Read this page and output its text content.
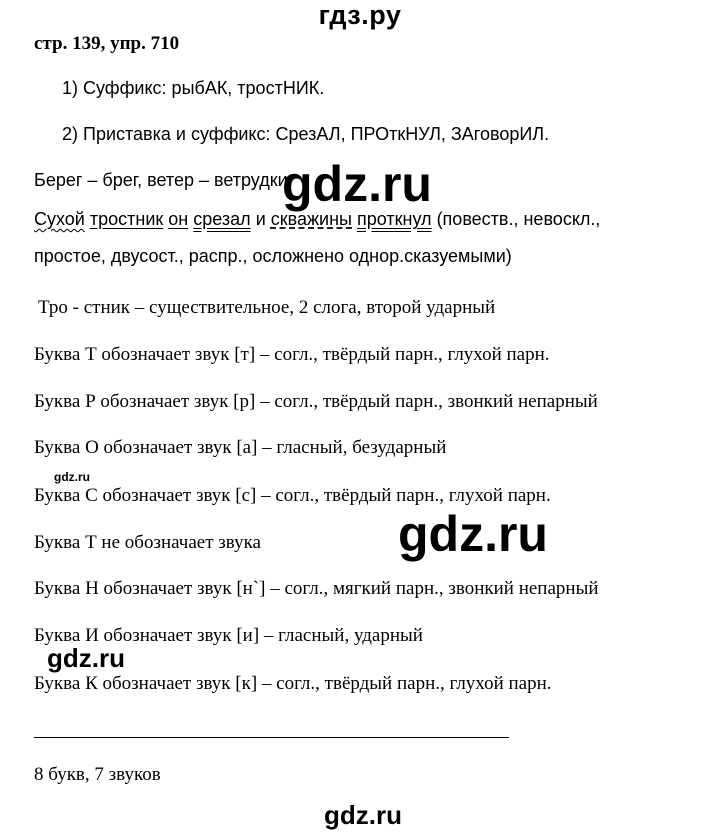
гдз.ру
стр. 139, упр. 710
1) Суффикс: рыбАК, тростНИК.
2) Приставка и суффикс: СрезАЛ, ПРОткНУЛ, ЗАговорИЛ.
Берег – брег, ветер – ветрудки.
Сухой тростник он срезал и скважины проткнул (повеств., невоскл.,
простое, двусост., распр., осложнено однор.сказуемыми)
Тро - стник – существительное, 2 слога, второй ударный
Буква Т обозначает звук [т] – согл., твёрдый парн., глухой парн.
Буква Р обозначает звук [р] – согл., твёрдый парн., звонкий непарный
Буква О обозначает звук [а] – гласный, безударный
Буква С обозначает звук [с] – согл., твёрдый парн., глухой парн.
Буква Т не обозначает звука
Буква Н обозначает звук [н`] – согл., мягкий парн., звонкий непарный
Буква И обозначает звук [и] – гласный, ударный
Буква К обозначает звук [к] – согл., твёрдый парн., глухой парн.
8 букв, 7 звуков
gdz.ru
gdz.ru
gdz.ru
gdz.ru
gdz.ru
